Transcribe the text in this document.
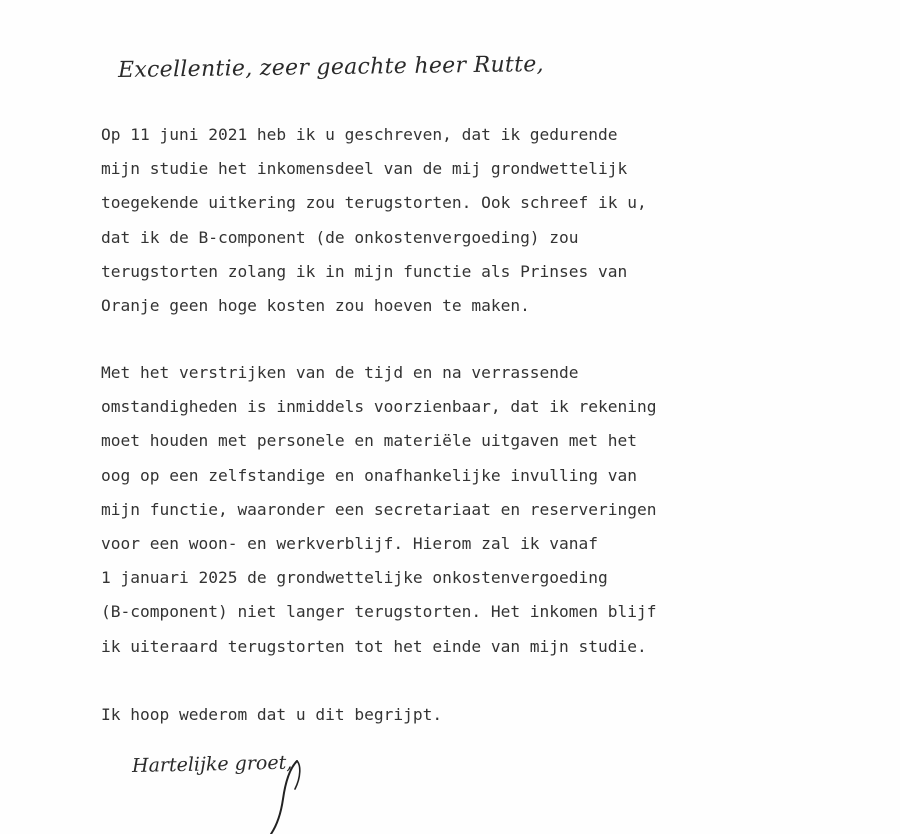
Excellentie, zeer geachte heer Rutte,
Op 11 juni 2021 heb ik u geschreven, dat ik gedurende
mijn studie het inkomensdeel van de mij grondwettelijk
toegekende uitkering zou terugstorten. Ook schreef ik u,
dat ik de B-component (de onkostenvergoeding) zou
terugstorten zolang ik in mijn functie als Prinses van
Oranje geen hoge kosten zou hoeven te maken.
Met het verstrijken van de tijd en na verrassende
omstandigheden is inmiddels voorzienbaar, dat ik rekening
moet houden met personele en materiële uitgaven met het
oog op een zelfstandige en onafhankelijke invulling van
mijn functie, waaronder een secretariaat en reserveringen
voor een woon- en werkverblijf. Hierom zal ik vanaf
1 januari 2025 de grondwettelijke onkostenvergoeding
(B-component) niet langer terugstorten. Het inkomen blijf
ik uiteraard terugstorten tot het einde van mijn studie.
Ik hoop wederom dat u dit begrijpt.
Hartelijke groet,
